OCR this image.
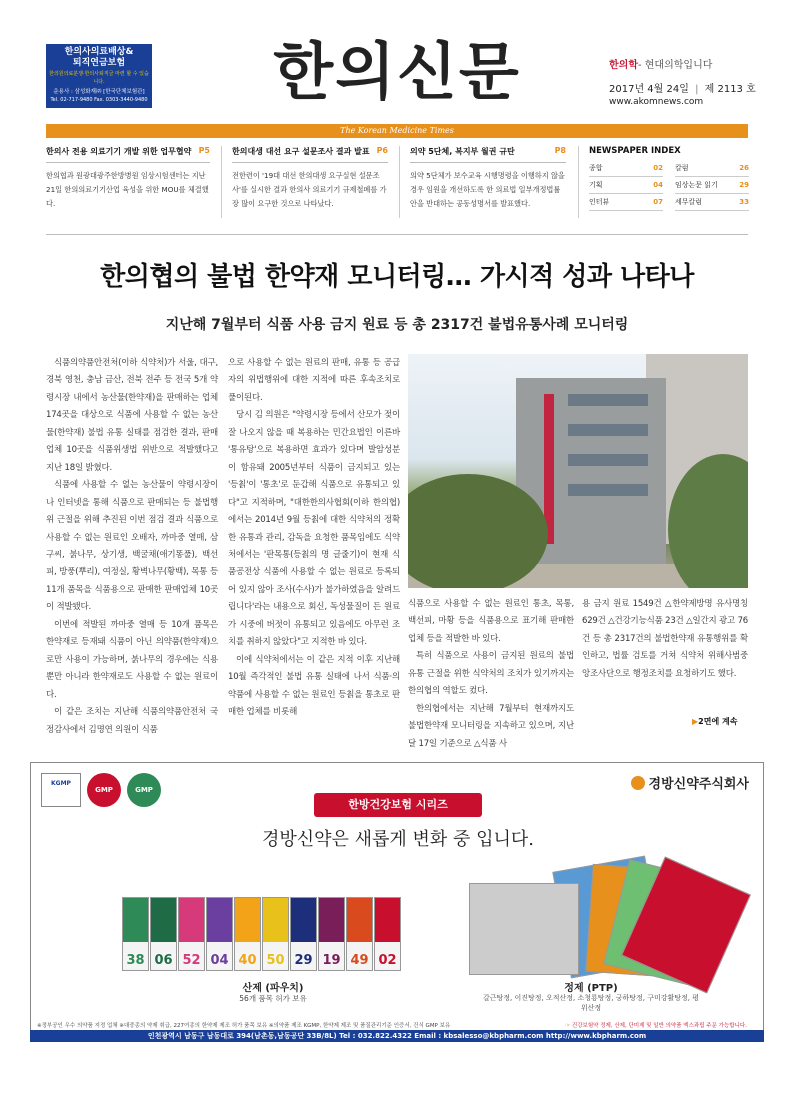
한의사의료배상&
퇴직연금보험
한의원의료분쟁·한의사퇴직금 마련 할 수 있습니다.
운용사 : 삼성화재㈜ [한국단체보험관]
Tel. 02-717-9480 Fax. 0303-3440-9480 한의신문	한의학- 현대의학입니다
2017년 4월 24일 | 제 2113 호
www.akomnews.com
The Korean Medicine Times
한의사 전용 의료기기 개발 위한 업무협약 P5
한의협과 원광대광주한방병원 임상시험센터는 지난 21일 한의의료기기산업 육성을 위한 MOU를 체결했다.
한의대생 대선 요구 설문조사 결과 발표 P6
전한련이 '19대 대선 한의대생 요구실현 설문조사'를 실시한 결과 한의사 의료기기 규제철폐를 가장 많이 요구한 것으로 나타났다.
의약 5단체, 복지부 월권 규탄	P8
의약 5단체가 보수교육 시행명령을 이행하지 않을 경우 임원을 개선하도록 한 의료법 일부개정법률안을 반대하는 공동성명서를 발표했다.
NEWSPAPER INDEX
종합	02 칼럼	26
기획	04 임상논문 읽기	29
인터뷰	07 세무칼럼	33
한의협의 불법 한약재 모니터링… 가시적 성과 나타나
지난해 7월부터 식품 사용 금지 원료 등 총 2317건 불법유통사례 모니터링

식품의약품안전처(이하 식약처)가 서울, 대구, 경북 영천, 충남 금산, 전북 전주 등 전국 5개 약령시장 내에서 농산물(한약재)을 판매하는 업체 174곳을 대상으로 식품에 사용할 수 없는 농산물(한약재) 불법 유통 실태를 점검한 결과, 판매업체 10곳을 식품위생법 위반으로 적발했다고 지난 18일 밝혔다.

식품에 사용할 수 없는 농산물이 약령시장이나 인터넷을 통해 식품으로 판매되는 등 불법행위 근절을 위해 추진된 이번 점검 결과 식품으로 사용할 수 없는 원료인 오배자, 까마중 열매, 삼구씨, 붉나무, 상기생, 백굴채(애기똥풀), 백선피, 방풍(뿌리), 여정실, 황벽나무(황백), 목통 등 11개 품목을 식품용으로 판매한 판매업체 10곳이 적발됐다.

이번에 적발된 까마중 열매 등 10개 품목은 한약재로 등재돼 식품이 아닌 의약품(한약재)으로만 사용이 가능하며, 붉나무의 경우에는 식용뿐만 아니라 한약재로도 사용할 수 없는 원료이다.

이 같은 조치는 지난해 식품의약품안전처 국정감사에서 김명연 의원이 식품

으로 사용할 수 없는 원료의 판매, 유통 등 공급자의 위법행위에 대한 지적에 따른 후속조치로 풀이된다.

당시 김 의원은 "약령시장 등에서 산모가 젖이 잘 나오지 않을 때 복용하는 민간요법인 이른바 '통유탕'으로 복용하면 효과가 있다며 발암성분이 함유돼 2005년부터 식품이 금지되고 있는 '등칡'이 '통초'로 둔갑해 식품으로 유통되고 있다"고 지적하며, "대한한의사협회(이하 한의협)에서는 2014년 9월 등칡에 대한 식약처의 정확한 유통과 관리, 감독을 요청한 품목임에도 식약처에서는 '판목통(등칡의 명 글줄기)이 현재 식품공전상 식품에 사용할 수 없는 원료로 등록되어 있지 않아 조사(수사)가 불가하였음을 알려드립니다'라는 내용으로 회신, 독성물질이 든 원료가 시중에 버젓이 유통되고 있음에도 아무런 조치를 취하지 않았다"고 지적한 바 있다.

이에 식약처에서는 이 같은 지적 이후 지난해 10월 즉각적인 불법 유통 실태에 나서 식품·의약품에 사용할 수 없는 원료인 등칡을 통초로 판매한 업체를 비롯해

식품으로 사용할 수 없는 원료인 통초, 목통, 백선피, 마황 등을 식품용으로 표기해 판매한 업체 등을 적발한 바 있다.

특히 식품으로 사용이 금지된 원료의 불법 유통 근절을 위한 식약처의 조치가 있기까지는 한의협의 역할도 컸다.

한의협에서는 지난해 7월부터 현재까지도 불법한약재 모니터링을 지속하고 있으며, 지난달 17일 기준으로 △식품 사

용 금지 원료 1549건 △한약제방명 유사명칭 629건 △건강기능식품 23건 △일간지 광고 76건 등 총 2317건의 불법한약재 유통행위를 확인하고, 법률 검토를 거쳐 식약처 위해사범중앙조사단으로 행정조치를 요청하기도 했다.

▶2면에 계속
KGMP
GMP	GMP	경방신약주식회사
한방건강보험 시리즈
경방신약은 새롭게 변화 중 입니다.
38 06 52 04 40 50 29 19 49 02
산제 (파우치)
56개 품목 허가 보유
정제 (PTP)
갈근탕정, 이진탕정, 오적산정, 소청룡탕정, 궁하탕정, 구미강활탕정, 평위산정
※정부공인 우수 의약품 지정 업체 ※대중종의 약제 취급, 227여종의 한약제 제조 허가 품목 보유 ※의약품 제조 KGMP, 한약제 제조 및 품질관리기준 인증서, 건식 GMP 보유	☞ 건강보험약 정제, 산제, 단미제 및 일반 의약품 엑스과립 주문 가능합니다.
인천광역시 남동구 남동대로 394(남촌동,남동공단 33B/8L) Tel : 032.822.4322 Email : kbsalesso@kbpharm.com http://www.kbpharm.com
